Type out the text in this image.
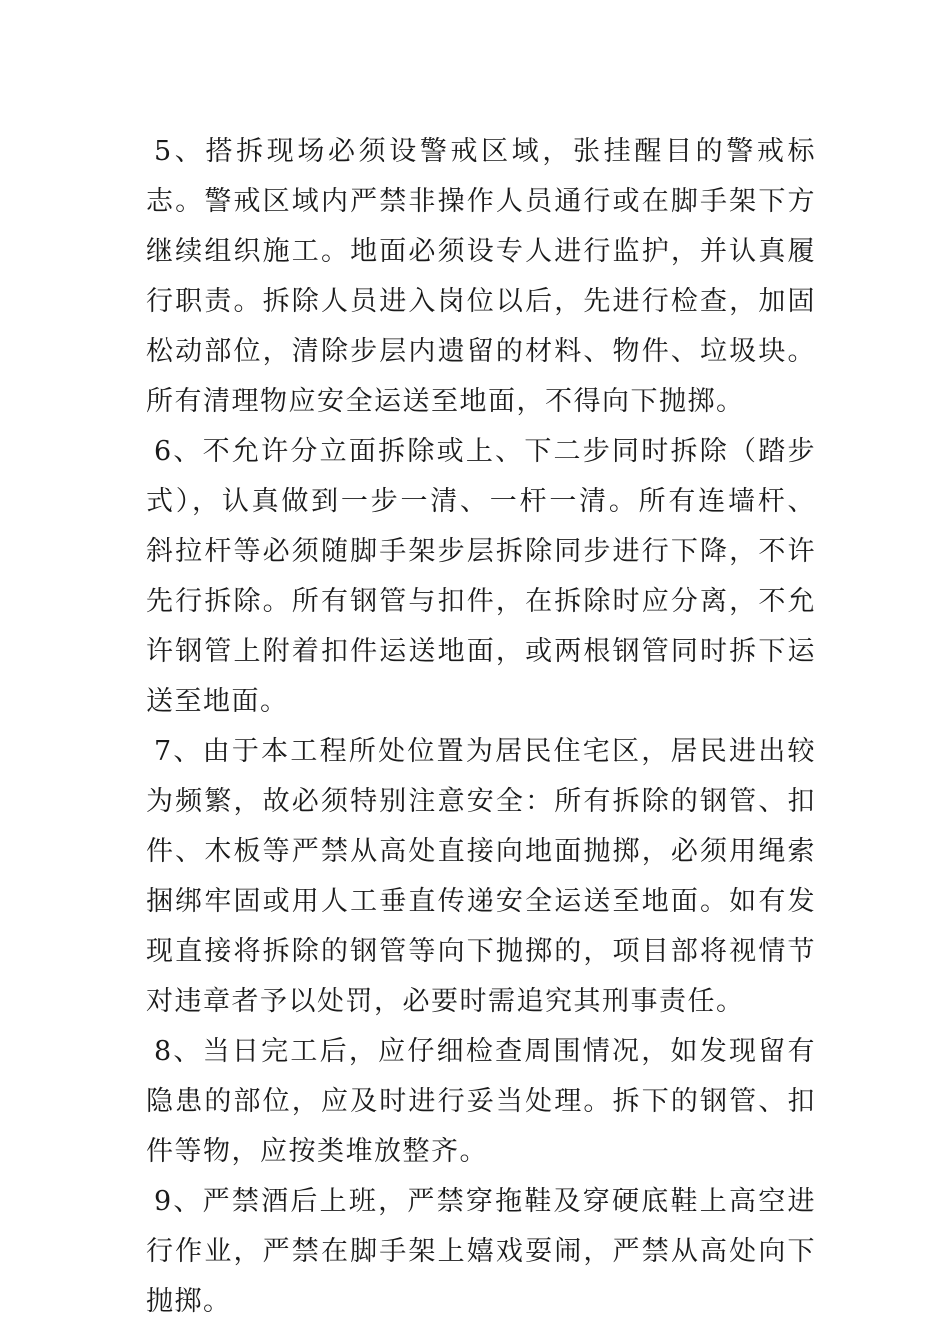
5、搭拆现场必须设警戒区域，张挂醒目的警戒标志。警戒区域内严禁非操作人员通行或在脚手架下方继续组织施工。地面必须设专人进行监护，并认真履行职责。拆除人员进入岗位以后，先进行检查，加固松动部位，清除步层内遗留的材料、物件、垃圾块。所有清理物应安全运送至地面，不得向下抛掷。

6、不允许分立面拆除或上、下二步同时拆除（踏步式），认真做到一步一清、一杆一清。所有连墙杆、斜拉杆等必须随脚手架步层拆除同步进行下降，不许先行拆除。所有钢管与扣件，在拆除时应分离，不允许钢管上附着扣件运送地面，或两根钢管同时拆下运送至地面。

7、由于本工程所处位置为居民住宅区，居民进出较为频繁，故必须特别注意安全：所有拆除的钢管、扣件、木板等严禁从高处直接向地面抛掷，必须用绳索捆绑牢固或用人工垂直传递安全运送至地面。如有发现直接将拆除的钢管等向下抛掷的，项目部将视情节对违章者予以处罚，必要时需追究其刑事责任。

8、当日完工后，应仔细检查周围情况，如发现留有隐患的部位，应及时进行妥当处理。拆下的钢管、扣件等物，应按类堆放整齐。

9、严禁酒后上班，严禁穿拖鞋及穿硬底鞋上高空进行作业，严禁在脚手架上嬉戏耍闹，严禁从高处向下抛掷。
